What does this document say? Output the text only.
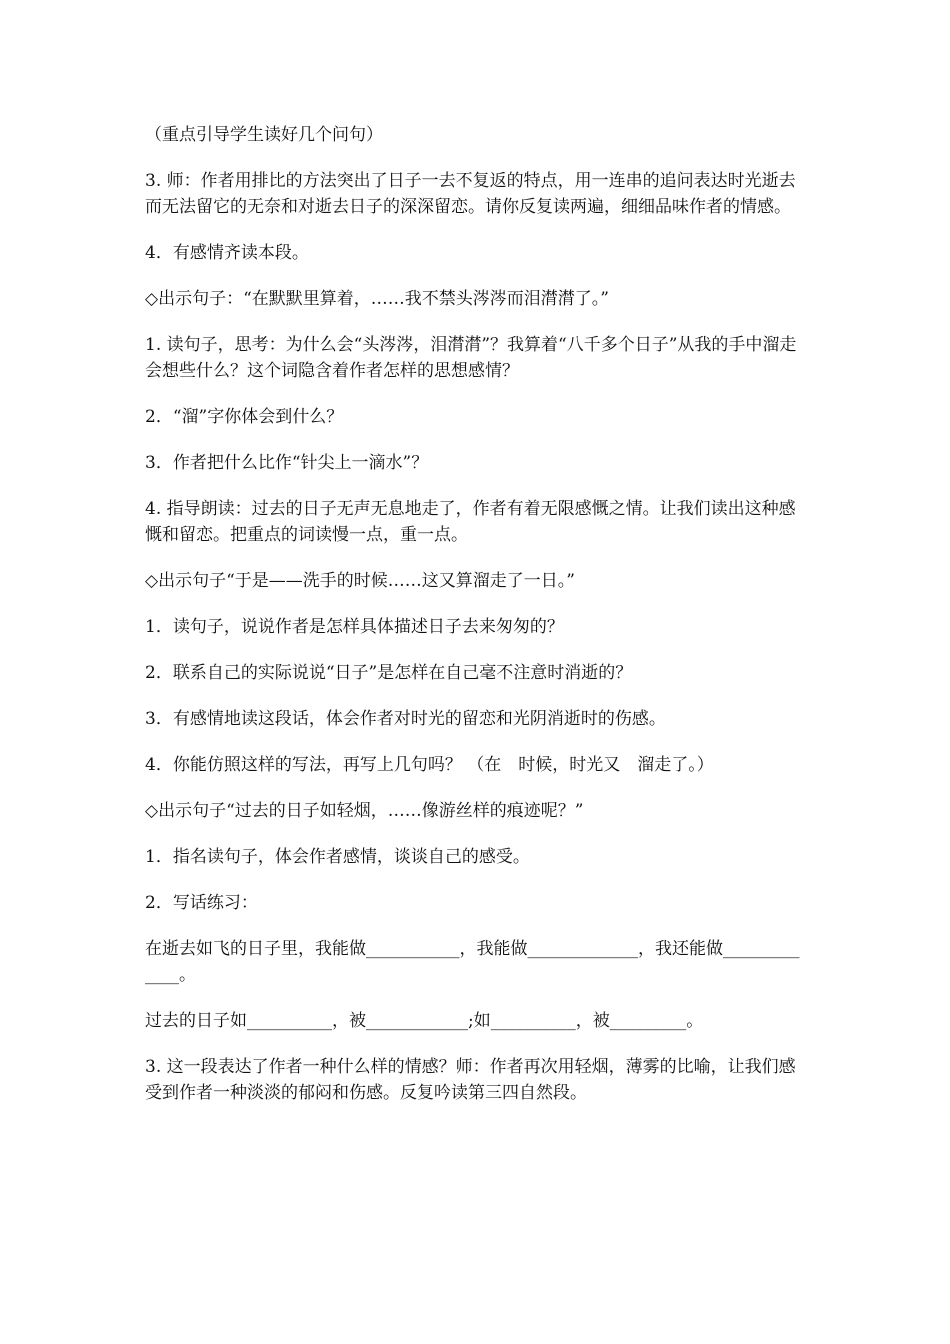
（重点引导学生读好几个问句）

3. 师：作者用排比的方法突出了日子一去不复返的特点，用一连串的追问表达时光逝去而无法留它的无奈和对逝去日子的深深留恋。请你反复读两遍，细细品味作者的情感。

4．有感情齐读本段。

◇出示句子：“在默默里算着，……我不禁头涔涔而泪潸潸了。”

1. 读句子，思考：为什么会“头涔涔，泪潸潸”？我算着“八千多个日子”从我的手中溜走会想些什么？这个词隐含着作者怎样的思想感情？

2．“溜”字你体会到什么？

3．作者把什么比作“针尖上一滴水”？

4. 指导朗读：过去的日子无声无息地走了，作者有着无限感慨之情。让我们读出这种感慨和留恋。把重点的词读慢一点，重一点。

◇出示句子“于是——洗手的时候……这又算溜走了一日。”

1．读句子，说说作者是怎样具体描述日子去来匆匆的？

2．联系自己的实际说说“日子”是怎样在自己毫不注意时消逝的？

3．有感情地读这段话，体会作者对时光的留恋和光阴消逝时的伤感。

4．你能仿照这样的写法，再写上几句吗？ （在　时候，时光又　溜走了。）

◇出示句子“过去的日子如轻烟，……像游丝样的痕迹呢？”

1．指名读句子，体会作者感情，谈谈自己的感受。

2．写话练习：

在逝去如飞的日子里，我能做___________，我能做_____________，我还能做_____________。

过去的日子如__________，被____________;如__________，被_________。

3. 这一段表达了作者一种什么样的情感？师：作者再次用轻烟，薄雾的比喻，让我们感受到作者一种淡淡的郁闷和伤感。反复吟读第三四自然段。
